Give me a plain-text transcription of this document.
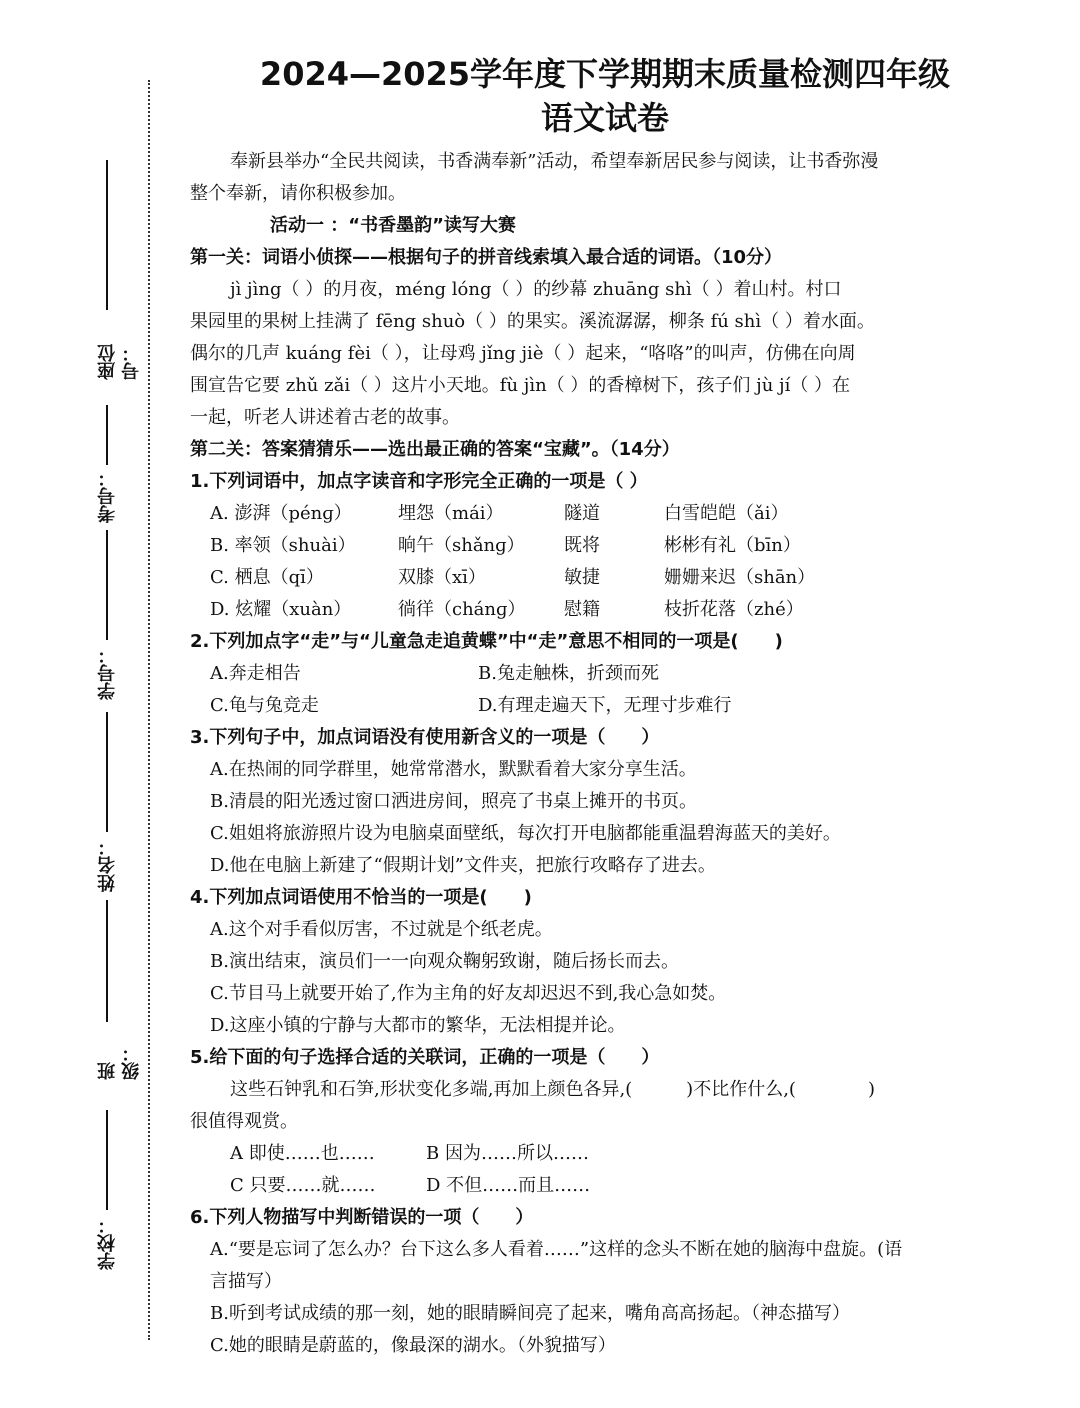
座位号：
考号：
学号：
姓名：
班级：
学校：
2024—2025学年度下学期期末质量检测四年级
语文试卷

奉新县举办“全民共阅读，书香满奉新”活动，希望奉新居民参与阅读，让书香弥漫

整个奉新，请你积极参加。

活动一 ：“书香墨韵”读写大赛

第一关：词语小侦探——根据句子的拼音线索填入最合适的词语。（10分）

jì jìng（ ）的月夜，méng lóng（ ）的纱幕 zhuāng shì（ ）着山村。村口

果园里的果树上挂满了 fēng shuò（ ）的果实。溪流潺潺，柳条 fú shì（ ）着水面。

偶尔的几声 kuáng fèi（ ），让母鸡 jǐng jiè（ ）起来，“咯咯”的叫声，仿佛在向周

围宣告它要 zhǔ zǎi（ ）这片小天地。fù jìn（ ）的香樟树下，孩子们 jù jí（ ）在

一起，听老人讲述着古老的故事。

第二关：答案猜猜乐——选出最正确的答案“宝藏”。（14分）

1.下列词语中，加点字读音和字形完全正确的一项是（ ）

A. 澎湃（pénɡ）	埋怨（mái）	隧道	白雪皑皑（ǎi）
B. 率领（shuài）	晌午（shǎnɡ）	既将	彬彬有礼（bīn）
C. 栖息（qī）	双膝（xī）	敏捷	姗姗来迟（shān）
D. 炫耀（xuàn）	徜徉（chánɡ）	慰籍	枝折花落（zhé）

2.下列加点字“走”与“儿童急走追黄蝶”中“走”意思不相同的一项是(　　)

A.奔走相告	B.兔走触株，折颈而死
C.龟与兔竞走	D.有理走遍天下，无理寸步难行

3.下列句子中，加点词语没有使用新含义的一项是（　　）

A.在热闹的同学群里，她常常潜水，默默看着大家分享生活。

B.清晨的阳光透过窗口洒进房间，照亮了书桌上摊开的书页。

C.姐姐将旅游照片设为电脑桌面壁纸，每次打开电脑都能重温碧海蓝天的美好。

D.他在电脑上新建了“假期计划”文件夹，把旅行攻略存了进去。

4.下列加点词语使用不恰当的一项是(　　)

A.这个对手看似厉害，不过就是个纸老虎。

B.演出结束，演员们一一向观众鞠躬致谢，随后扬长而去。

C.节目马上就要开始了,作为主角的好友却迟迟不到,我心急如焚。

D.这座小镇的宁静与大都市的繁华，无法相提并论。

5.给下面的句子选择合适的关联词，正确的一项是（　　）

这些石钟乳和石笋,形状变化多端,再加上颜色各异,(　　　)不比作什么,(　　　　)

很值得观赏。

A 即使……也……	B 因为……所以……
C 只要……就……	D 不但……而且……

6.下列人物描写中判断错误的一项（　　）

A.“要是忘词了怎么办？台下这么多人看着……”这样的念头不断在她的脑海中盘旋。(语

言描写）

B.听到考试成绩的那一刻，她的眼睛瞬间亮了起来，嘴角高高扬起。（神态描写）

C.她的眼睛是蔚蓝的，像最深的湖水。（外貌描写）
